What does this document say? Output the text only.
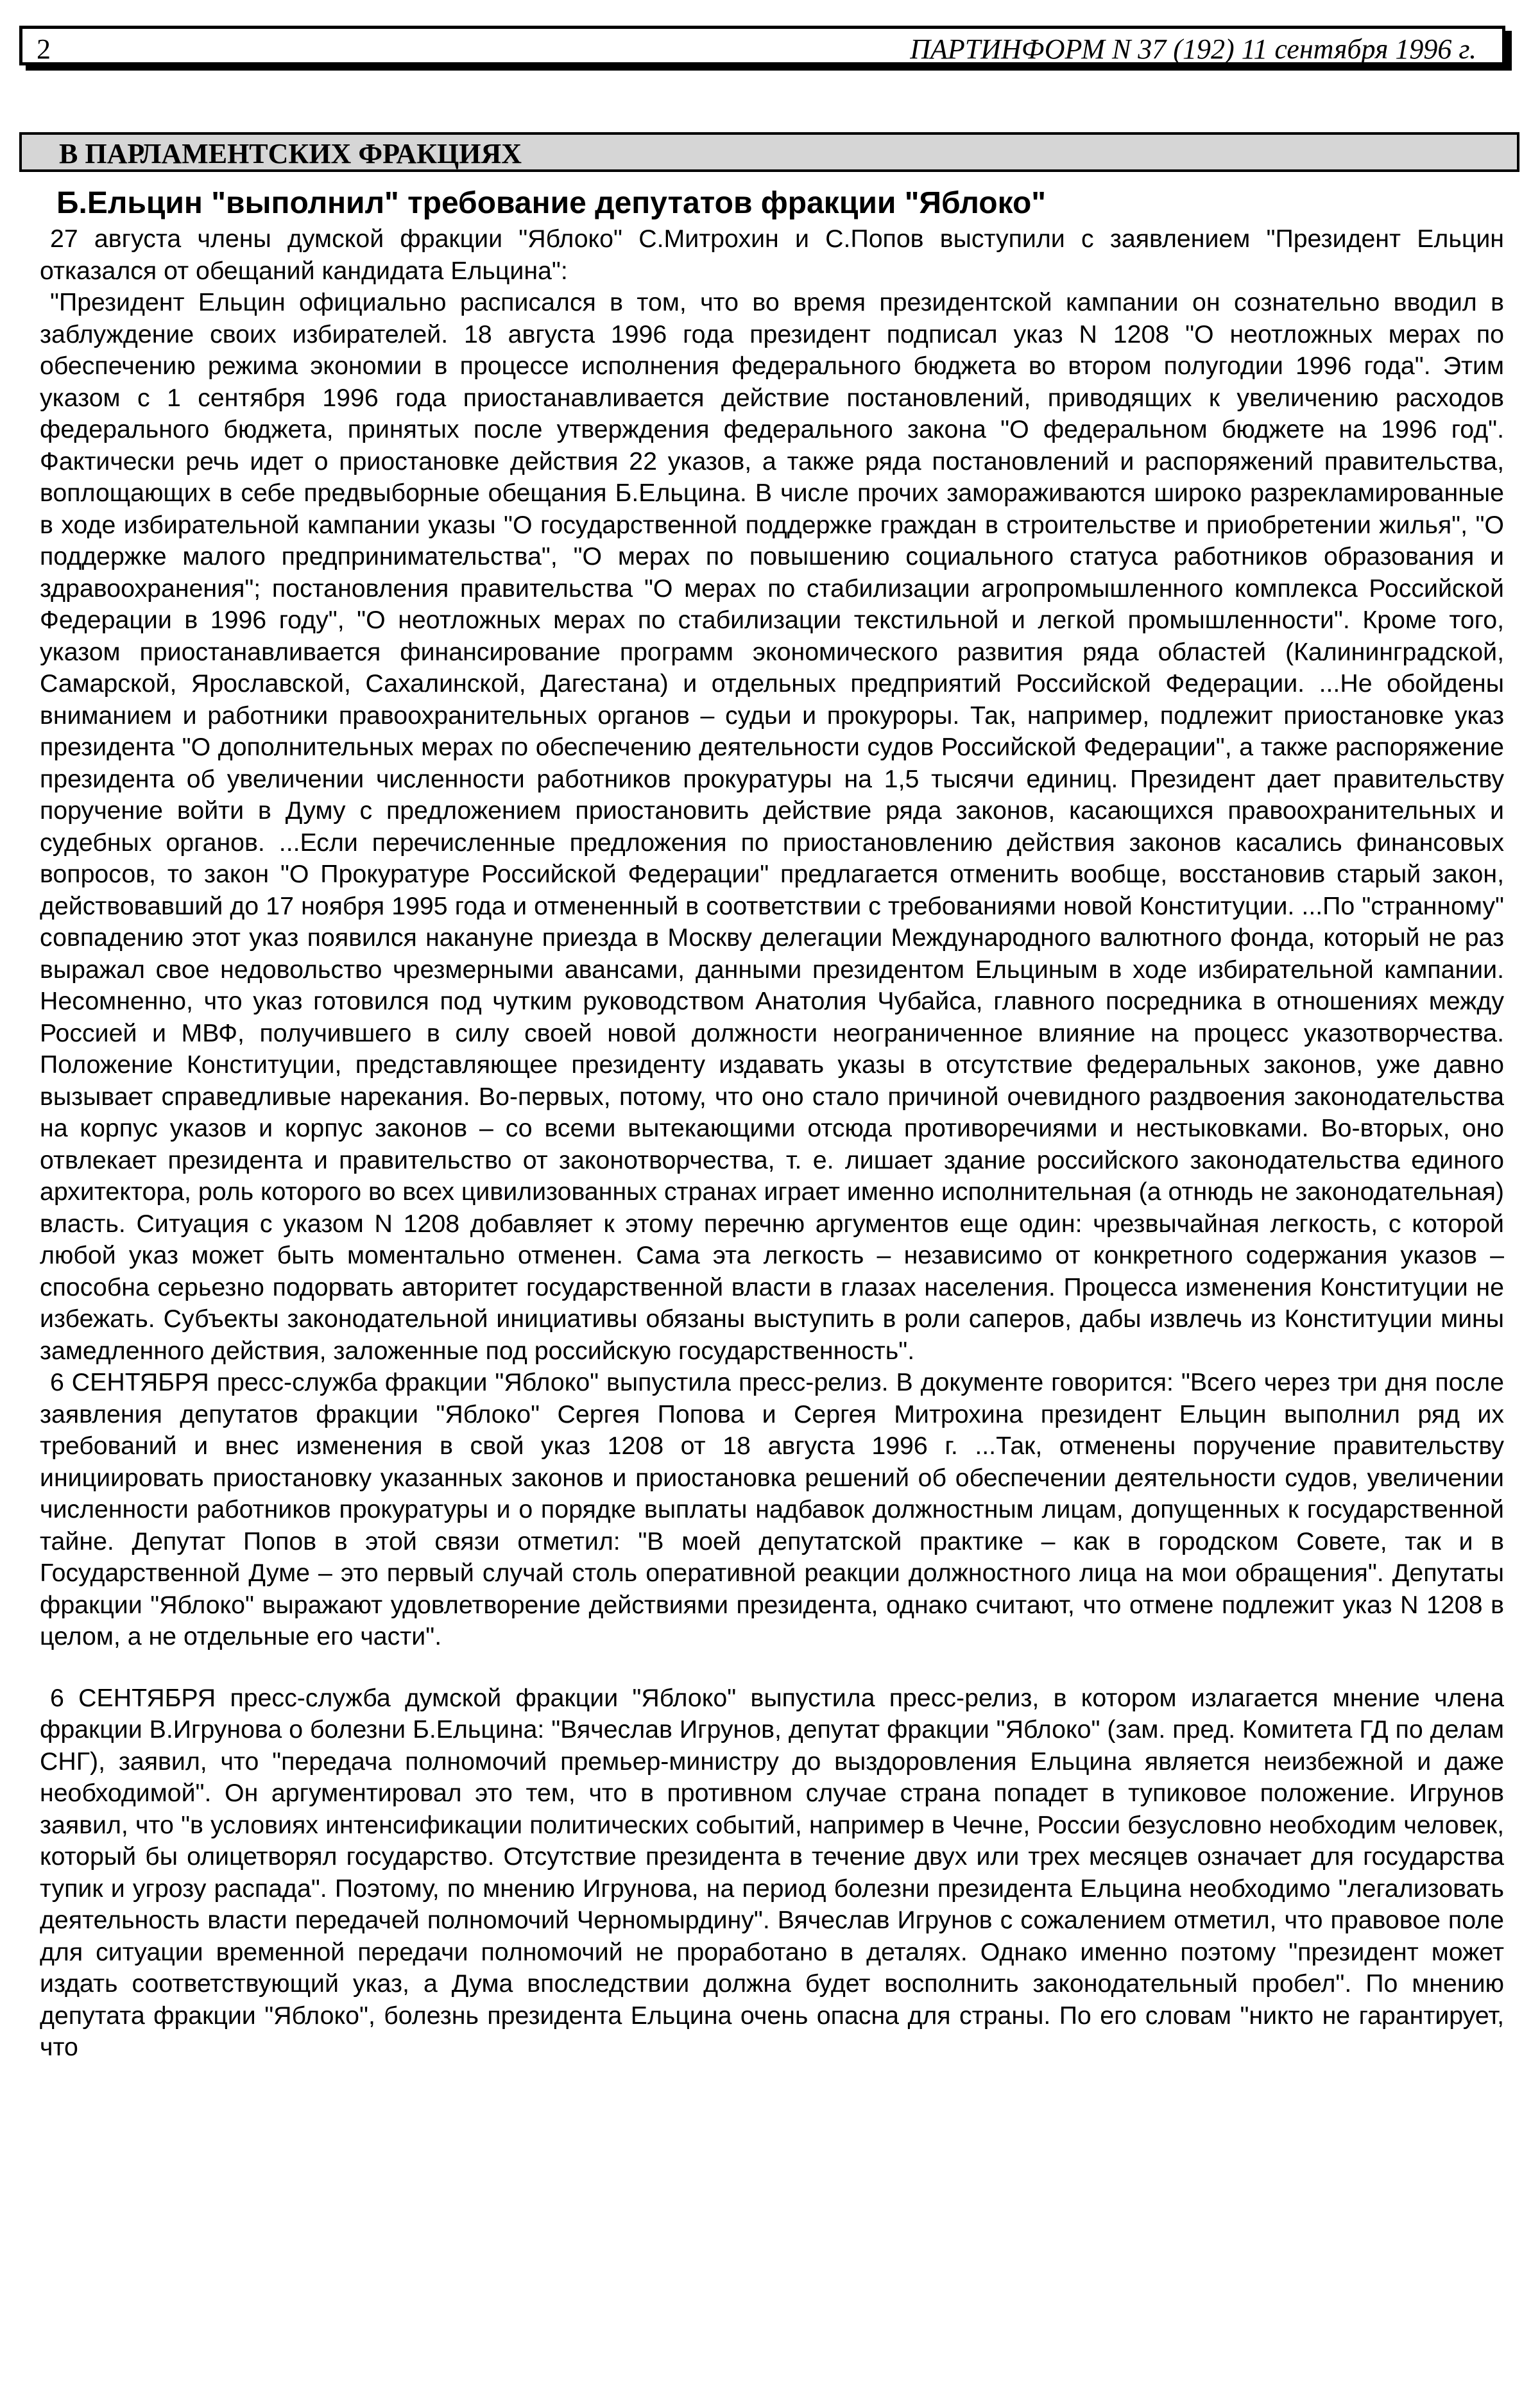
2	ПАРТИНФОРМ N 37 (192) 11 сентября 1996 г.
В ПАРЛАМЕНТСКИХ ФРАКЦИЯХ

Б.Ельцин "выполнил" требование депутатов фракции "Яблоко"

27 августа члены думской фракции "Яблоко" С.Митрохин и С.Попов выступили с заявлением "Президент Ельцин отказался от обещаний кандидата Ельцина":

"Президент Ельцин официально расписался в том, что во время президентской кампании он сознательно вводил в заблуждение своих избирателей. 18 августа 1996 года президент подписал указ N 1208 "О неотложных мерах по обеспечению режима экономии в процессе исполнения федерального бюджета во втором полугодии 1996 года". Этим указом с 1 сентября 1996 года приостанавливается действие постановлений, приводящих к увеличению расходов федерального бюджета, принятых после утверждения федерального закона "О федеральном бюджете на 1996 год". Фактически речь идет о приостановке действия 22 указов, а также ряда постановлений и распоряжений правительства, воплощающих в себе предвыборные обещания Б.Ельцина. В числе прочих замораживаются широко разрекламированные в ходе избирательной кампании указы "О государственной поддержке граждан в строительстве и приобретении жилья", "О поддержке малого предпринимательства", "О мерах по повышению социального статуса работников образования и здравоохранения"; постановления правительства "О мерах по стабилизации агропромышленного комплекса Российской Федерации в 1996 году", "О неотложных мерах по стабилизации текстильной и легкой промышленности". Кроме того, указом приостанавливается финансирование программ экономического развития ряда областей (Калининградской, Самарской, Ярославской, Сахалинской, Дагестана) и отдельных предприятий Российской Федерации. ...Не обойдены вниманием и работники правоохранительных органов – судьи и прокуроры. Так, например, подлежит приостановке указ президента "О дополнительных мерах по обеспечению деятельности судов Российской Федерации", а также распоряжение президента об увеличении численности работников прокуратуры на 1,5 тысячи единиц. Президент дает правительству поручение войти в Думу с предложением приостановить действие ряда законов, касающихся правоохранительных и судебных органов. ...Если перечисленные предложения по приостановлению действия законов касались финансовых вопросов, то закон "О Прокуратуре Российской Федерации" предлагается отменить вообще, восстановив старый закон, действовавший до 17 ноября 1995 года и отмененный в соответствии с требованиями новой Конституции. ...По "странному" совпадению этот указ появился накануне приезда в Москву делегации Международного валютного фонда, который не раз выражал свое недовольство чрезмерными авансами, данными президентом Ельциным в ходе избирательной кампании. Несомненно, что указ готовился под чутким руководством Анатолия Чубайса, главного посредника в отношениях между Россией и МВФ, получившего в силу своей новой должности неограниченное влияние на процесс указотворчества. Положение Конституции, представляющее президенту издавать указы в отсутствие федеральных законов, уже давно вызывает справедливые нарекания. Во-первых, потому, что оно стало причиной очевидного раздвоения законодательства на корпус указов и корпус законов – со всеми вытекающими отсюда противоречиями и нестыковками. Во-вторых, оно отвлекает президента и правительство от законотворчества, т. е. лишает здание российского законодательства единого архитектора, роль которого во всех цивилизованных странах играет именно исполнительная (а отнюдь не законодательная) власть. Ситуация с указом N 1208 добавляет к этому перечню аргументов еще один: чрезвычайная легкость, с которой любой указ может быть моментально отменен. Сама эта легкость – независимо от конкретного содержания указов – способна серьезно подорвать авторитет государственной власти в глазах населения. Процесса изменения Конституции не избежать. Субъекты законодательной инициативы обязаны выступить в роли саперов, дабы извлечь из Конституции мины замедленного действия, заложенные под российскую государственность".

6 СЕНТЯБРЯ пресс-служба фракции "Яблоко" выпустила пресс-релиз. В документе говорится: "Всего через три дня после заявления депутатов фракции "Яблоко" Сергея Попова и Сергея Митрохина президент Ельцин выполнил ряд их требований и внес изменения в свой указ 1208 от 18 августа 1996 г. ...Так, отменены поручение правительству инициировать приостановку указанных законов и приостановка решений об обеспечении деятельности судов, увеличении численности работников прокуратуры и о порядке выплаты надбавок должностным лицам, допущенных к государственной тайне. Депутат Попов в этой связи отметил: "В моей депутатской практике – как в городском Совете, так и в Государственной Думе – это первый случай столь оперативной реакции должностного лица на мои обращения". Депутаты фракции "Яблоко" выражают удовлетворение действиями президента, однако считают, что отмене подлежит указ N 1208 в целом, а не отдельные его части".

6 СЕНТЯБРЯ пресс-служба думской фракции "Яблоко" выпустила пресс-релиз, в котором излагается мнение члена фракции В.Игрунова о болезни Б.Ельцина: "Вячеслав Игрунов, депутат фракции "Яблоко" (зам. пред. Комитета ГД по делам СНГ), заявил, что "передача полномочий премьер-министру до выздоровления Ельцина является неизбежной и даже необходимой". Он аргументировал это тем, что в противном случае страна попадет в тупиковое положение. Игрунов заявил, что "в условиях интенсификации политических событий, например в Чечне, России безусловно необходим человек, который бы олицетворял государство. Отсутствие президента в течение двух или трех месяцев означает для государства тупик и угрозу распада". Поэтому, по мнению Игрунова, на период болезни президента Ельцина необходимо "легализовать деятельность власти передачей полномочий Черномырдину". Вячеслав Игрунов с сожалением отметил, что правовое поле для ситуации временной передачи полномочий не проработано в деталях. Однако именно поэтому "президент может издать соответствующий указ, а Дума впоследствии должна будет восполнить законодательный пробел". По мнению депутата фракции "Яблоко", болезнь президента Ельцина очень опасна для страны. По его словам "никто не гарантирует, что
